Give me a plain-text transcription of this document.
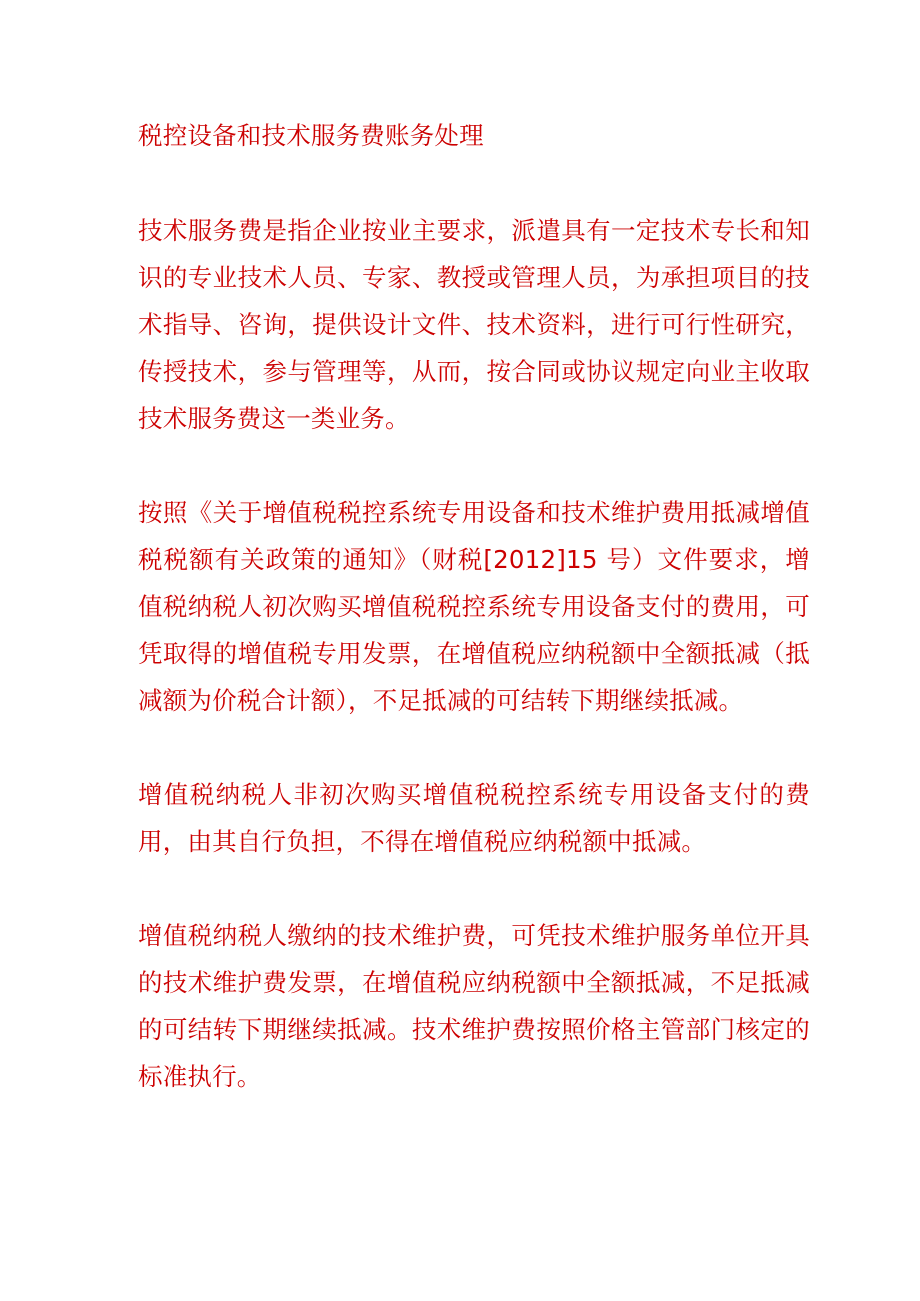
税控设备和技术服务费账务处理

技术服务费是指企业按业主要求，派遣具有一定技术专长和知识的专业技术人员、专家、教授或管理人员，为承担项目的技术指导、咨询，提供设计文件、技术资料，进行可行性研究，传授技术，参与管理等，从而，按合同或协议规定向业主收取技术服务费这一类业务。

按照《关于增值税税控系统专用设备和技术维护费用抵减增值税税额有关政策的通知》（财税[2012]15 号）文件要求，增值税纳税人初次购买增值税税控系统专用设备支付的费用，可凭取得的增值税专用发票，在增值税应纳税额中全额抵减（抵减额为价税合计额），不足抵减的可结转下期继续抵减。

增值税纳税人非初次购买增值税税控系统专用设备支付的费用，由其自行负担，不得在增值税应纳税额中抵减。

增值税纳税人缴纳的技术维护费，可凭技术维护服务单位开具的技术维护费发票，在增值税应纳税额中全额抵减，不足抵减的可结转下期继续抵减。技术维护费按照价格主管部门核定的标准执行。
